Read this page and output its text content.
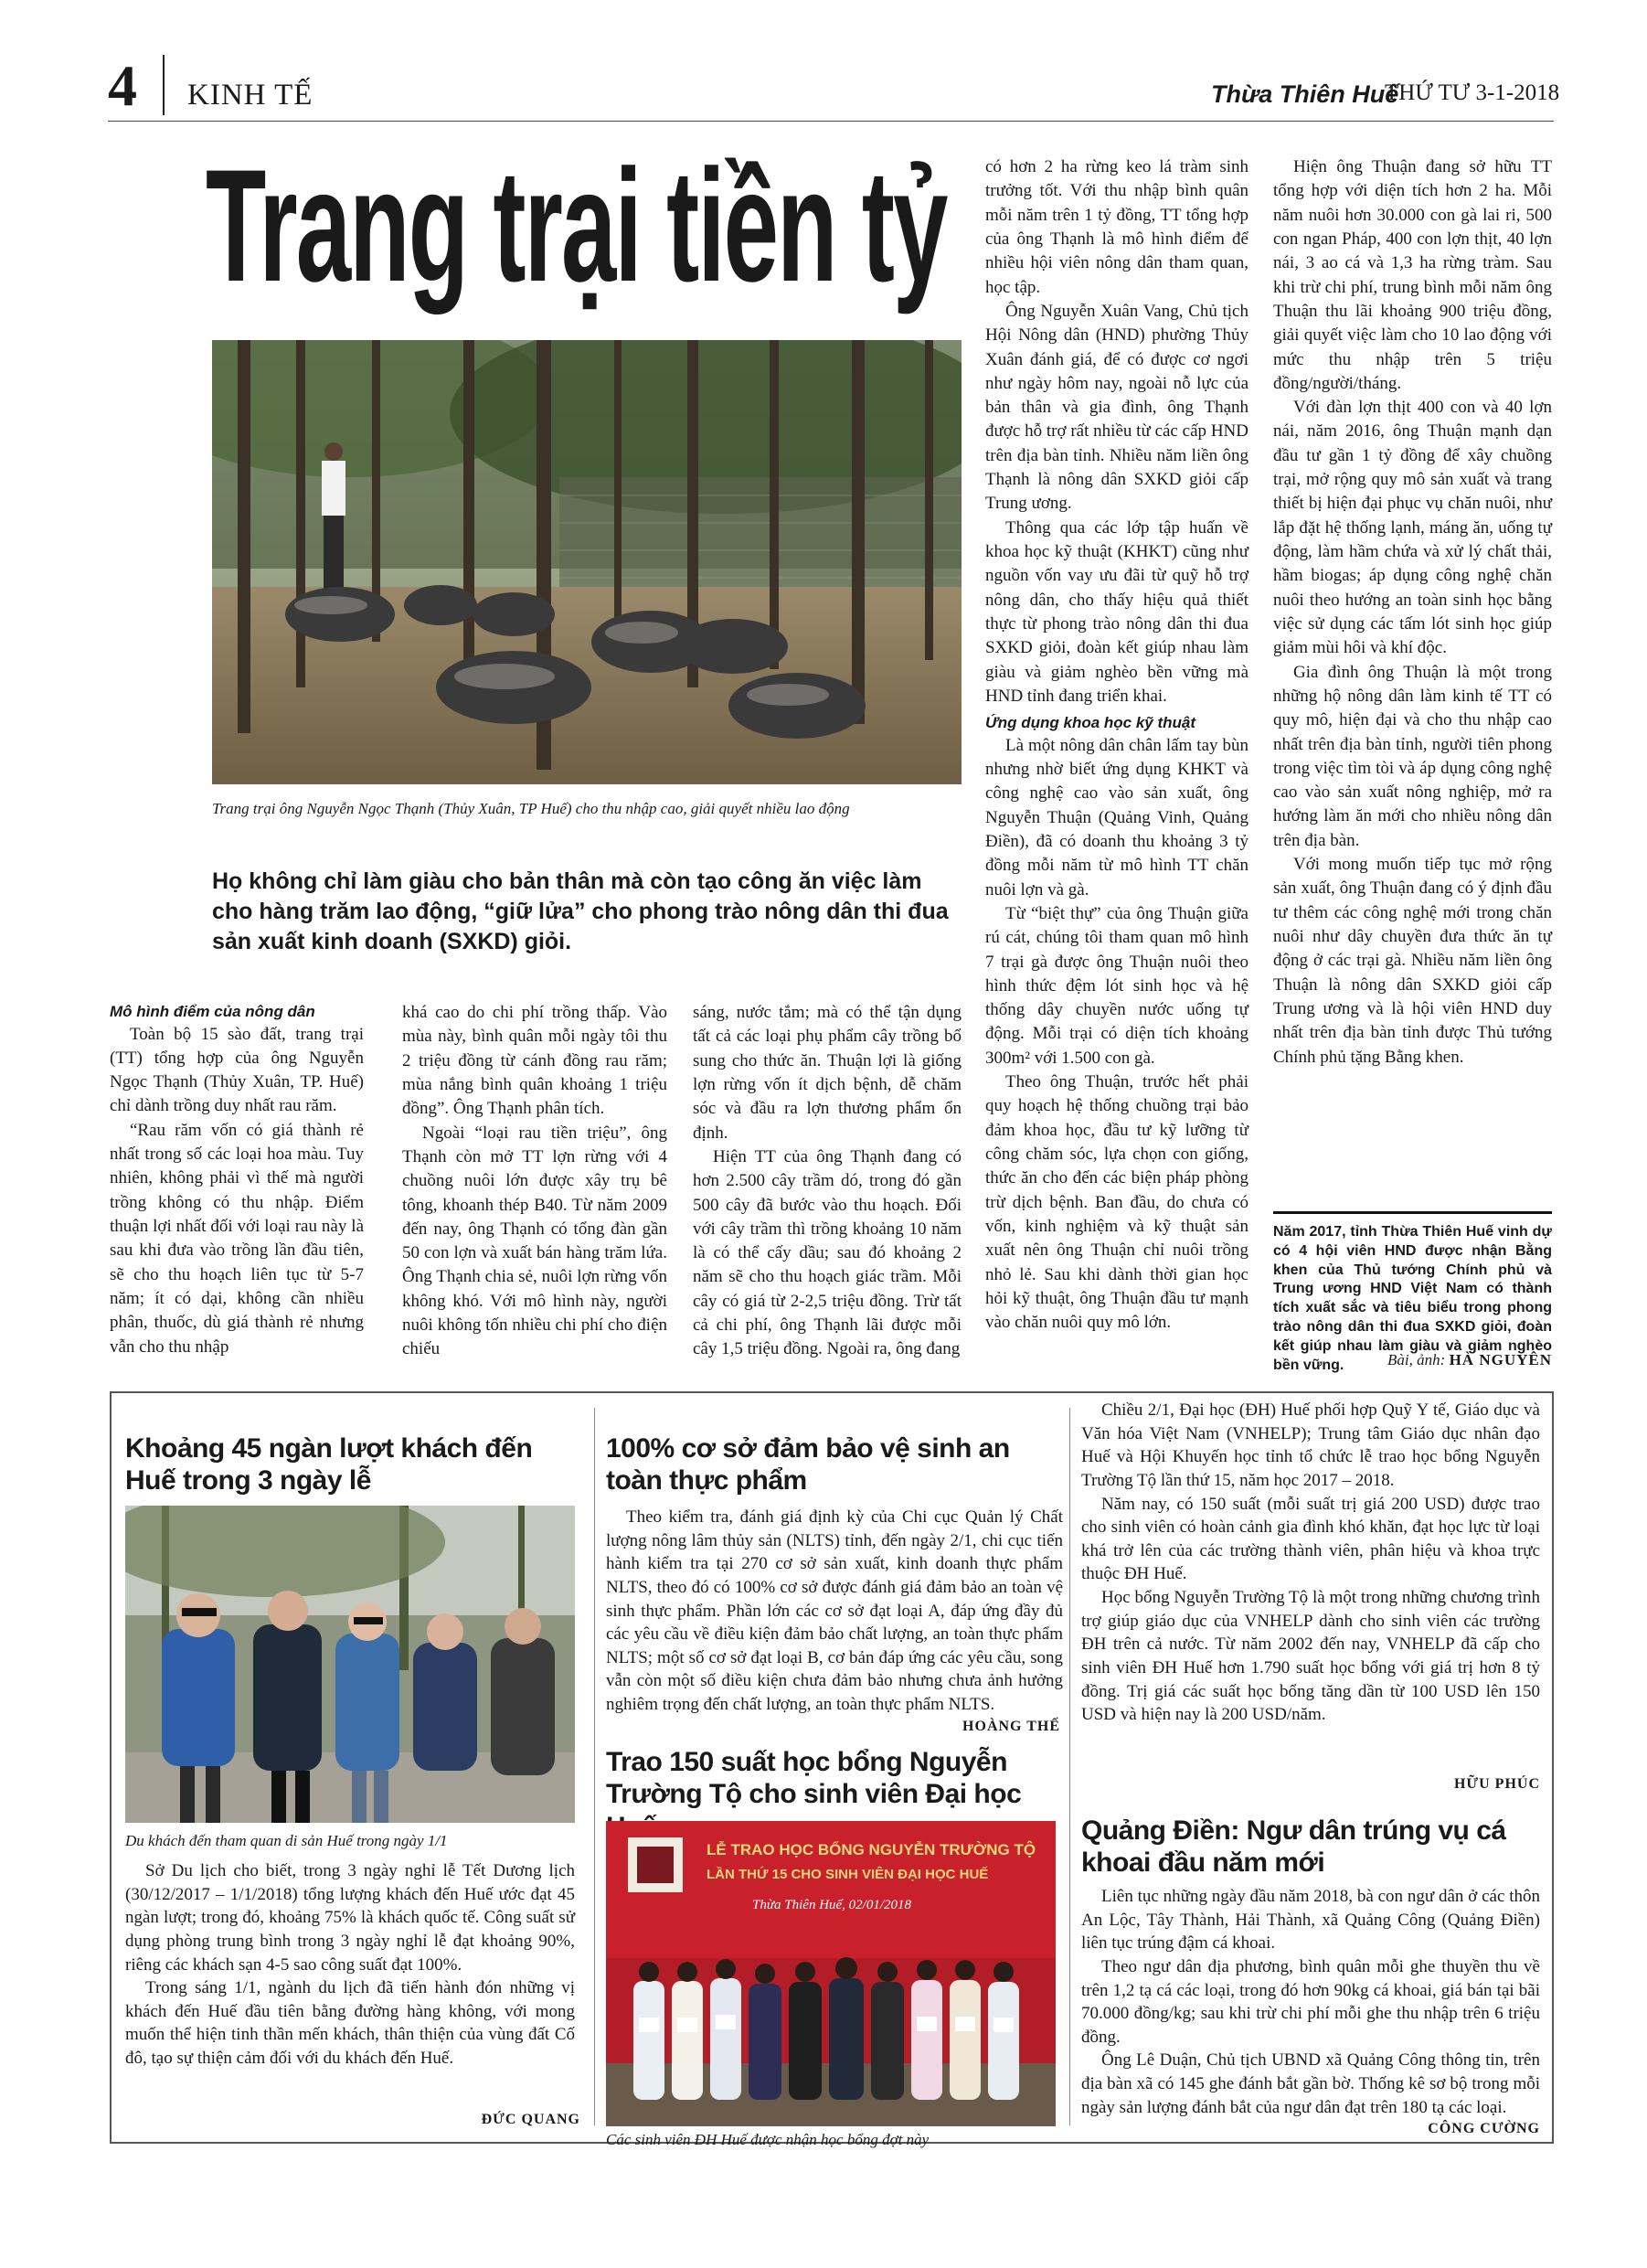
4 KINH TẾ	Thừa Thiên Huế
THỨ TƯ 3-1-2018
Trang trại tiền tỷ
Trang trại ông Nguyễn Ngọc Thạnh (Thủy Xuân, TP Huế) cho thu nhập cao, giải quyết nhiều lao động
Họ không chỉ làm giàu cho bản thân mà còn tạo công ăn việc làm cho hàng trăm lao động, “giữ lửa” cho phong trào nông dân thi đua sản xuất kinh doanh (SXKD) giỏi.

Mô hình điểm của nông dân

Toàn bộ 15 sào đất, trang trại (TT) tổng hợp của ông Nguyễn Ngọc Thạnh (Thủy Xuân, TP. Huế) chỉ dành trồng duy nhất rau răm.

“Rau răm vốn có giá thành rẻ nhất trong số các loại hoa màu. Tuy nhiên, không phải vì thế mà người trồng không có thu nhập. Điểm thuận lợi nhất đối với loại rau này là sau khi đưa vào trồng lần đầu tiên, sẽ cho thu hoạch liên tục từ 5-7 năm; ít có dại, không cần nhiều phân, thuốc, dù giá thành rẻ nhưng vẫn cho thu nhập

khá cao do chi phí trồng thấp. Vào mùa này, bình quân mỗi ngày tôi thu 2 triệu đồng từ cánh đồng rau răm; mùa nắng bình quân khoảng 1 triệu đồng”. Ông Thạnh phân tích.

Ngoài “loại rau tiền triệu”, ông Thạnh còn mở TT lợn rừng với 4 chuồng nuôi lớn được xây trụ bê tông, khoanh thép B40. Từ năm 2009 đến nay, ông Thạnh có tổng đàn gần 50 con lợn và xuất bán hàng trăm lứa. Ông Thạnh chia sẻ, nuôi lợn rừng vốn không khó. Với mô hình này, người nuôi không tốn nhiều chi phí cho điện chiếu

sáng, nước tắm; mà có thể tận dụng tất cả các loại phụ phẩm cây trồng bổ sung cho thức ăn. Thuận lợi là giống lợn rừng vốn ít dịch bệnh, dễ chăm sóc và đầu ra lợn thương phẩm ổn định.

Hiện TT của ông Thạnh đang có hơn 2.500 cây trầm dó, trong đó gần 500 cây đã bước vào thu hoạch. Đối với cây trầm thì trồng khoảng 10 năm là có thể cấy dầu; sau đó khoảng 2 năm sẽ cho thu hoạch giác trầm. Mỗi cây có giá từ 2-2,5 triệu đồng. Trừ tất cả chi phí, ông Thạnh lãi được mỗi cây 1,5 triệu đồng. Ngoài ra, ông đang

có hơn 2 ha rừng keo lá tràm sinh trưởng tốt. Với thu nhập bình quân mỗi năm trên 1 tỷ đồng, TT tổng hợp của ông Thạnh là mô hình điểm để nhiều hội viên nông dân tham quan, học tập.

Ông Nguyễn Xuân Vang, Chủ tịch Hội Nông dân (HND) phường Thủy Xuân đánh giá, để có được cơ ngơi như ngày hôm nay, ngoài nỗ lực của bản thân và gia đình, ông Thạnh được hỗ trợ rất nhiều từ các cấp HND trên địa bàn tỉnh. Nhiều năm liền ông Thạnh là nông dân SXKD giỏi cấp Trung ương.

Thông qua các lớp tập huấn về khoa học kỹ thuật (KHKT) cũng như nguồn vốn vay ưu đãi từ quỹ hỗ trợ nông dân, cho thấy hiệu quả thiết thực từ phong trào nông dân thi đua SXKD giỏi, đoàn kết giúp nhau làm giàu và giảm nghèo bền vững mà HND tỉnh đang triển khai.

Ứng dụng khoa học kỹ thuật

Là một nông dân chân lấm tay bùn nhưng nhờ biết ứng dụng KHKT và công nghệ cao vào sản xuất, ông Nguyễn Thuận (Quảng Vinh, Quảng Điền), đã có doanh thu khoảng 3 tỷ đồng mỗi năm từ mô hình TT chăn nuôi lợn và gà.

Từ “biệt thự” của ông Thuận giữa rú cát, chúng tôi tham quan mô hình 7 trại gà được ông Thuận nuôi theo hình thức đệm lót sinh học và hệ thống dây chuyền nước uống tự động. Mỗi trại có diện tích khoảng 300m² với 1.500 con gà.

Theo ông Thuận, trước hết phải quy hoạch hệ thống chuồng trại bảo đảm khoa học, đầu tư kỹ lưỡng từ công chăm sóc, lựa chọn con giống, thức ăn cho đến các biện pháp phòng trừ dịch bệnh. Ban đầu, do chưa có vốn, kinh nghiệm và kỹ thuật sản xuất nên ông Thuận chỉ nuôi trồng nhỏ lẻ. Sau khi dành thời gian học hỏi kỹ thuật, ông Thuận đầu tư mạnh vào chăn nuôi quy mô lớn.

Hiện ông Thuận đang sở hữu TT tổng hợp với diện tích hơn 2 ha. Mỗi năm nuôi hơn 30.000 con gà lai ri, 500 con ngan Pháp, 400 con lợn thịt, 40 lợn nái, 3 ao cá và 1,3 ha rừng tràm. Sau khi trừ chi phí, trung bình mỗi năm ông Thuận thu lãi khoảng 900 triệu đồng, giải quyết việc làm cho 10 lao động với mức thu nhập trên 5 triệu đồng/người/tháng.

Với đàn lợn thịt 400 con và 40 lợn nái, năm 2016, ông Thuận mạnh dạn đầu tư gần 1 tỷ đồng để xây chuồng trại, mở rộng quy mô sản xuất và trang thiết bị hiện đại phục vụ chăn nuôi, như lắp đặt hệ thống lạnh, máng ăn, uống tự động, làm hầm chứa và xử lý chất thải, hầm biogas; áp dụng công nghệ chăn nuôi theo hướng an toàn sinh học bằng việc sử dụng các tấm lót sinh học giúp giảm mùi hôi và khí độc.

Gia đình ông Thuận là một trong những hộ nông dân làm kinh tế TT có quy mô, hiện đại và cho thu nhập cao nhất trên địa bàn tỉnh, người tiên phong trong việc tìm tòi và áp dụng công nghệ cao vào sản xuất nông nghiệp, mở ra hướng làm ăn mới cho nhiều nông dân trên địa bàn.

Với mong muốn tiếp tục mở rộng sản xuất, ông Thuận đang có ý định đầu tư thêm các công nghệ mới trong chăn nuôi như dây chuyền đưa thức ăn tự động ở các trại gà. Nhiều năm liền ông Thuận là nông dân SXKD giỏi cấp Trung ương và là hội viên HND duy nhất trên địa bàn tỉnh được Thủ tướng Chính phủ tặng Bằng khen.

Năm 2017, tỉnh Thừa Thiên Huế vinh dự có 4 hội viên HND được nhận Bằng khen của Thủ tướng Chính phủ và Trung ương HND Việt Nam có thành tích xuất sắc và tiêu biểu trong phong trào nông dân thi đua SXKD giỏi, đoàn kết giúp nhau làm giàu và giảm nghèo bền vững.	Bài, ảnh: HÀ NGUYÊN
Khoảng 45 ngàn lượt khách đến Huế trong 3 ngày lễ
Du khách đến tham quan di sản Huế trong ngày 1/1

Sở Du lịch cho biết, trong 3 ngày nghỉ lễ Tết Dương lịch (30/12/2017 – 1/1/2018) tổng lượng khách đến Huế ước đạt 45 ngàn lượt; trong đó, khoảng 75% là khách quốc tế. Công suất sử dụng phòng trung bình trong 3 ngày nghỉ lễ đạt khoảng 90%, riêng các khách sạn 4-5 sao công suất đạt 100%.

Trong sáng 1/1, ngành du lịch đã tiến hành đón những vị khách đến Huế đầu tiên bằng đường hàng không, với mong muốn thể hiện tinh thần mến khách, thân thiện của vùng đất Cố đô, tạo sự thiện cảm đối với du khách đến Huế.

ĐỨC QUANG
100% cơ sở đảm bảo vệ sinh an toàn thực phẩm

Theo kiểm tra, đánh giá định kỳ của Chi cục Quản lý Chất lượng nông lâm thủy sản (NLTS) tỉnh, đến ngày 2/1, chi cục tiến hành kiểm tra tại 270 cơ sở sản xuất, kinh doanh thực phẩm NLTS, theo đó có 100% cơ sở được đánh giá đảm bảo an toàn vệ sinh thực phẩm. Phần lớn các cơ sở đạt loại A, đáp ứng đầy đủ các yêu cầu về điều kiện đảm bảo chất lượng, an toàn thực phẩm NLTS; một số cơ sở đạt loại B, cơ bản đáp ứng các yêu cầu, song vẫn còn một số điều kiện chưa đảm bảo nhưng chưa ảnh hưởng nghiêm trọng đến chất lượng, an toàn thực phẩm NLTS.

HOÀNG THẾ
Trao 150 suất học bổng Nguyễn Trường Tộ cho sinh viên Đại học
LỄ TRAO HỌC BỔNG NGUYỄN TRƯỜNG TỘ
LẦN THỨ 15 CHO SINH VIÊN ĐẠI HỌC HUẾ
Thừa Thiên Huế, 02/01/2018
Các sinh viên ĐH Huế được nhận học bổng đợt này

Chiều 2/1, Đại học (ĐH) Huế phối hợp Quỹ Y tế, Giáo dục và Văn hóa Việt Nam (VNHELP); Trung tâm Giáo dục nhân đạo Huế và Hội Khuyến học tỉnh tổ chức lễ trao học bổng Nguyễn Trường Tộ lần thứ 15, năm học 2017 – 2018.

Năm nay, có 150 suất (mỗi suất trị giá 200 USD) được trao cho sinh viên có hoàn cảnh gia đình khó khăn, đạt học lực từ loại khá trở lên của các trường thành viên, phân hiệu và khoa trực thuộc ĐH Huế.

Học bổng Nguyễn Trường Tộ là một trong những chương trình trợ giúp giáo dục của VNHELP dành cho sinh viên các trường ĐH trên cả nước. Từ năm 2002 đến nay, VNHELP đã cấp cho sinh viên ĐH Huế hơn 1.790 suất học bổng với giá trị hơn 8 tỷ đồng. Trị giá các suất học bổng tăng dần từ 100 USD lên 150 USD và hiện nay là 200 USD/năm.

HỮU PHÚC
Quảng Điền: Ngư dân trúng vụ cá khoai đầu năm mới

Liên tục những ngày đầu năm 2018, bà con ngư dân ở các thôn An Lộc, Tây Thành, Hải Thành, xã Quảng Công (Quảng Điền) liên tục trúng đậm cá khoai.

Theo ngư dân địa phương, bình quân mỗi ghe thuyền thu về trên 1,2 tạ cá các loại, trong đó hơn 90kg cá khoai, giá bán tại bãi 70.000 đồng/kg; sau khi trừ chi phí mỗi ghe thu nhập trên 6 triệu đồng.

Ông Lê Duận, Chủ tịch UBND xã Quảng Công thông tin, trên địa bàn xã có 145 ghe đánh bắt gần bờ. Thống kê sơ bộ trong mỗi ngày sản lượng đánh bắt của ngư dân đạt trên 180 tạ các loại.

CÔNG CƯỜNG
